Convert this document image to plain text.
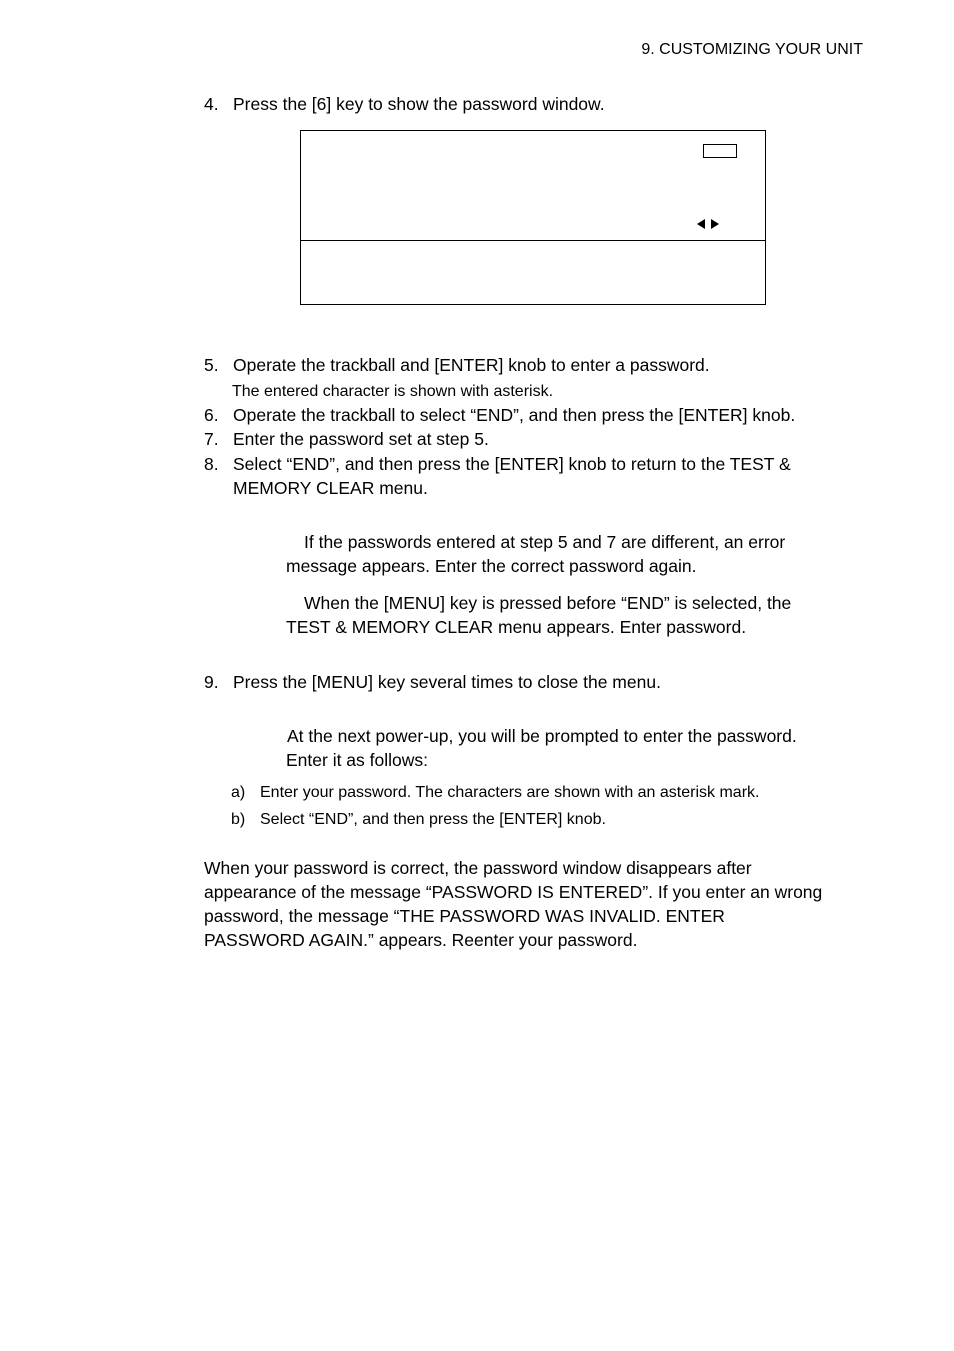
9. CUSTOMIZING YOUR UNIT
4. Press the [6] key to show the password window.
5. Operate the trackball and [ENTER] knob to enter a password.
The entered character is shown with asterisk.
6. Operate the trackball to select “END”, and then press the [ENTER] knob.
7. Enter the password set at step 5.
8. Select “END”, and then press the [ENTER] knob to return to the TEST &
MEMORY CLEAR menu.
If the passwords entered at step 5 and 7 are different, an error
message appears. Enter the correct password again.
When the [MENU] key is pressed before “END” is selected, the
TEST & MEMORY CLEAR menu appears. Enter password.
9. Press the [MENU] key several times to close the menu.
At the next power-up, you will be prompted to enter the password.
Enter it as follows:
a) Enter your password. The characters are shown with an asterisk mark.
b) Select “END”, and then press the [ENTER] knob.
When your password is correct, the password window disappears after
appearance of the message “PASSWORD IS ENTERED”. If you enter an wrong
password, the message “THE PASSWORD WAS INVALID. ENTER
PASSWORD AGAIN.” appears. Reenter your password.
